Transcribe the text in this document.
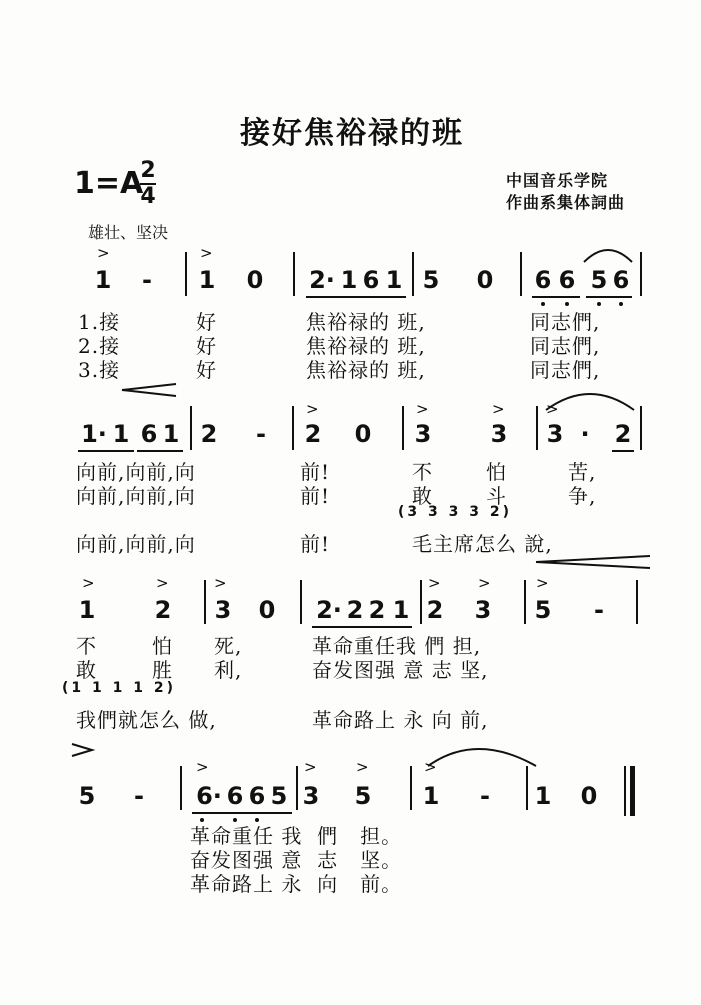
接好焦裕禄的班
1=A
2
4
中国音乐学院
作曲系集体詞曲
雄壮、坚决
>	>
1 - 1 0 2· 1 6 1 5 0 6 6 5 6
1.接	好	焦裕禄的 班,	同志們,
2.接	好	焦裕禄的 班,	同志們,
3.接	好	焦裕禄的 班,	同志們,
>	>	>	>
1· 1 6 1 2 - 2 0 3 3 3 · 2
向前,向前,向	前!	不	怕	苦,
向前,向前,向	前!	敢	斗	争,
(3 3 3 3 2)
向前,向前,向	前!	毛主席怎么 說,
>	>	>	> >	>
1 2 3 0 2· 2 2 1 2 3 5 -
不	怕 死,	革命重任我 們 担,
敢	胜 利,	奋发图强 意 志 坚,
(1 1 1 1 2)
我們就怎么 做,	革命路上 永 向 前,
>	>	>	>
5 - 6· 6 6 5 3 5 1 - 1 0
革命重任 我  們   担。
奋发图强 意  志   坚。
革命路上 永  向   前。
